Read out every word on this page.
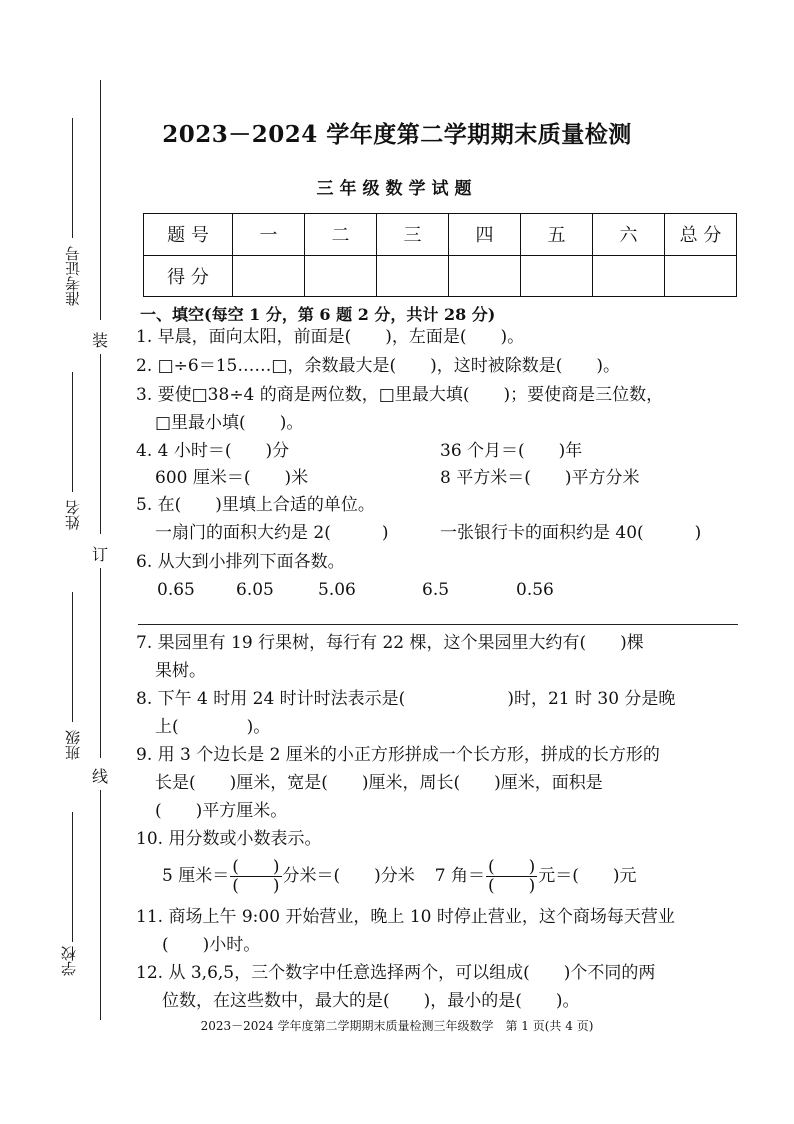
准考证号
姓名
班级
学校
装
订
线
2023－2024 学年度第二学期期末质量检测
三年级数学试题
题 号	一	二	三	四	五	六	总 分
得 分							
一、填空(每空 1 分，第 6 题 2 分，共计 28 分)
1. 早晨，面向太阳，前面是(　　)，左面是(　　)。
2. □÷6＝15……□，余数最大是(　　)，这时被除数是(　　)。
3. 要使□38÷4 的商是两位数，□里最大填(　　)；要使商是三位数，
□里最小填(　　)。
4. 4 小时＝(　　)分	36 个月＝(　　)年
600 厘米＝(　　)米	8 平方米＝(　　)平方分米
5. 在(　　)里填上合适的单位。
一扇门的面积大约是 2(　　　)	一张银行卡的面积约是 40(　　　)
6. 从大到小排列下面各数。
0.65 6.05	5.06	6.5	0.56
7. 果园里有 19 行果树，每行有 22 棵，这个果园里大约有(　　)棵
果树。
8. 下午 4 时用 24 时计时法表示是(　　　　　　)时，21 时 30 分是晚
上(　　　　)。
9. 用 3 个边长是 2 厘米的小正方形拼成一个长方形，拼成的长方形的
长是(　　)厘米，宽是(　　)厘米，周长(　　)厘米，面积是
(　　)平方厘米。
10. 用分数或小数表示。
5 厘米＝ $\frac{( )}{( )}$ 分米＝(　　)分米 7 角＝ $\frac{( )}{( )}$ 元＝(　　)元
11. 商场上午 9:00 开始营业，晚上 10 时停止营业，这个商场每天营业
(　　)小时。
12. 从 3,6,5，三个数字中任意选择两个，可以组成(　　)个不同的两
位数，在这些数中，最大的是(　　)，最小的是(　　)。
2023－2024 学年度第二学期期末质量检测三年级数学　第 1 页(共 4 页)
